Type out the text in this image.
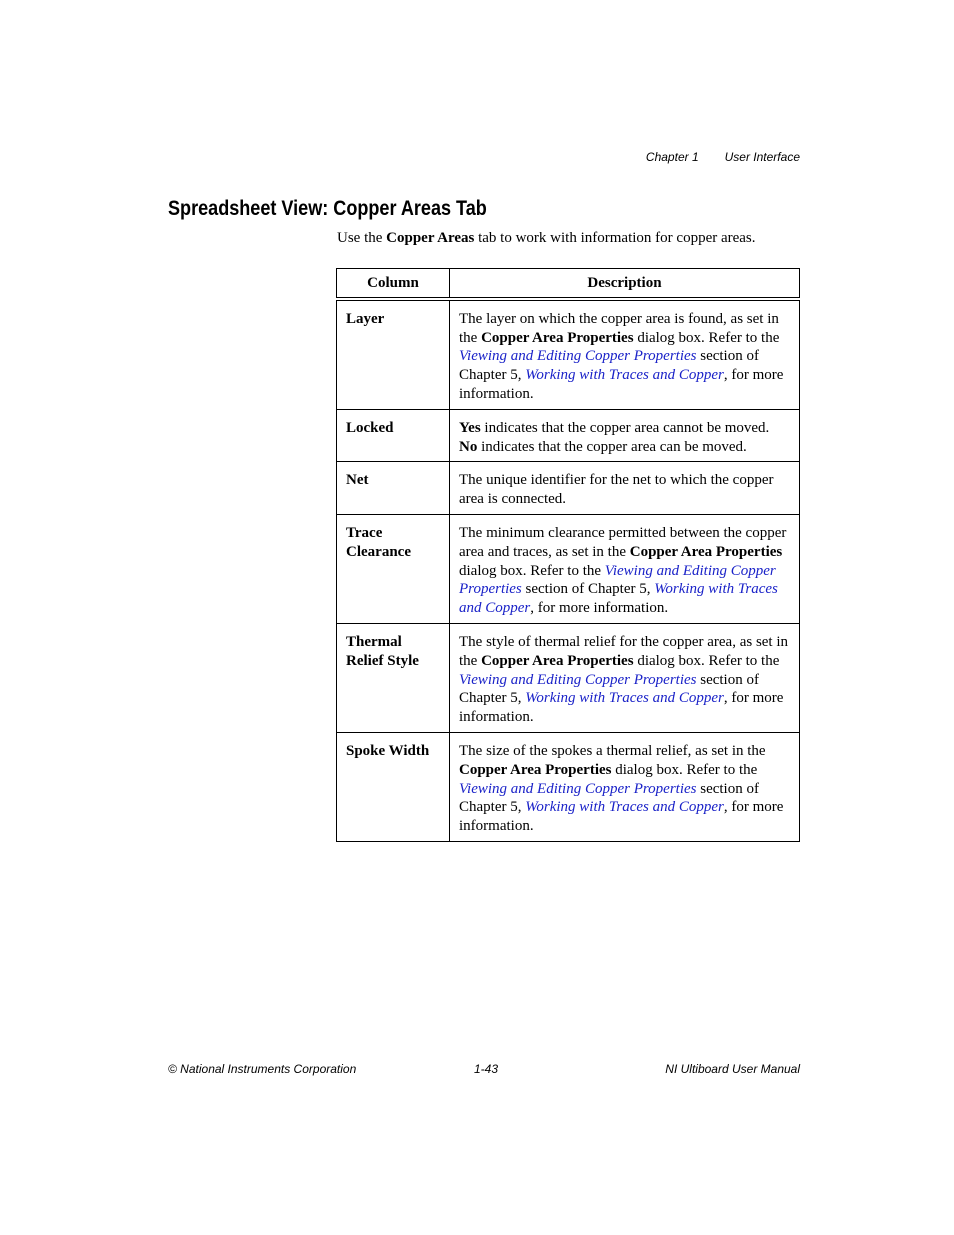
Chapter 1 User Interface
Spreadsheet View: Copper Areas Tab
Use the Copper Areas tab to work with information for copper areas.
Column	Description
Layer	The layer on which the copper area is found, as set in the Copper Area Properties dialog box. Refer to the Viewing and Editing Copper Properties section of Chapter 5, Working with Traces and Copper, for more information.
Locked	Yes indicates that the copper area cannot be moved. No indicates that the copper area can be moved.
Net	The unique identifier for the net to which the copper area is connected.
Trace Clearance	The minimum clearance permitted between the copper area and traces, as set in the Copper Area Properties dialog box. Refer to the Viewing and Editing Copper Properties section of Chapter 5, Working with Traces and Copper, for more information.
Thermal Relief Style	The style of thermal relief for the copper area, as set in the Copper Area Properties dialog box. Refer to the Viewing and Editing Copper Properties section of Chapter 5, Working with Traces and Copper, for more information.
Spoke Width	The size of the spokes a thermal relief, as set in the Copper Area Properties dialog box. Refer to the Viewing and Editing Copper Properties section of Chapter 5, Working with Traces and Copper, for more information.
© National Instruments Corporation	1-43	NI Ultiboard User Manual
